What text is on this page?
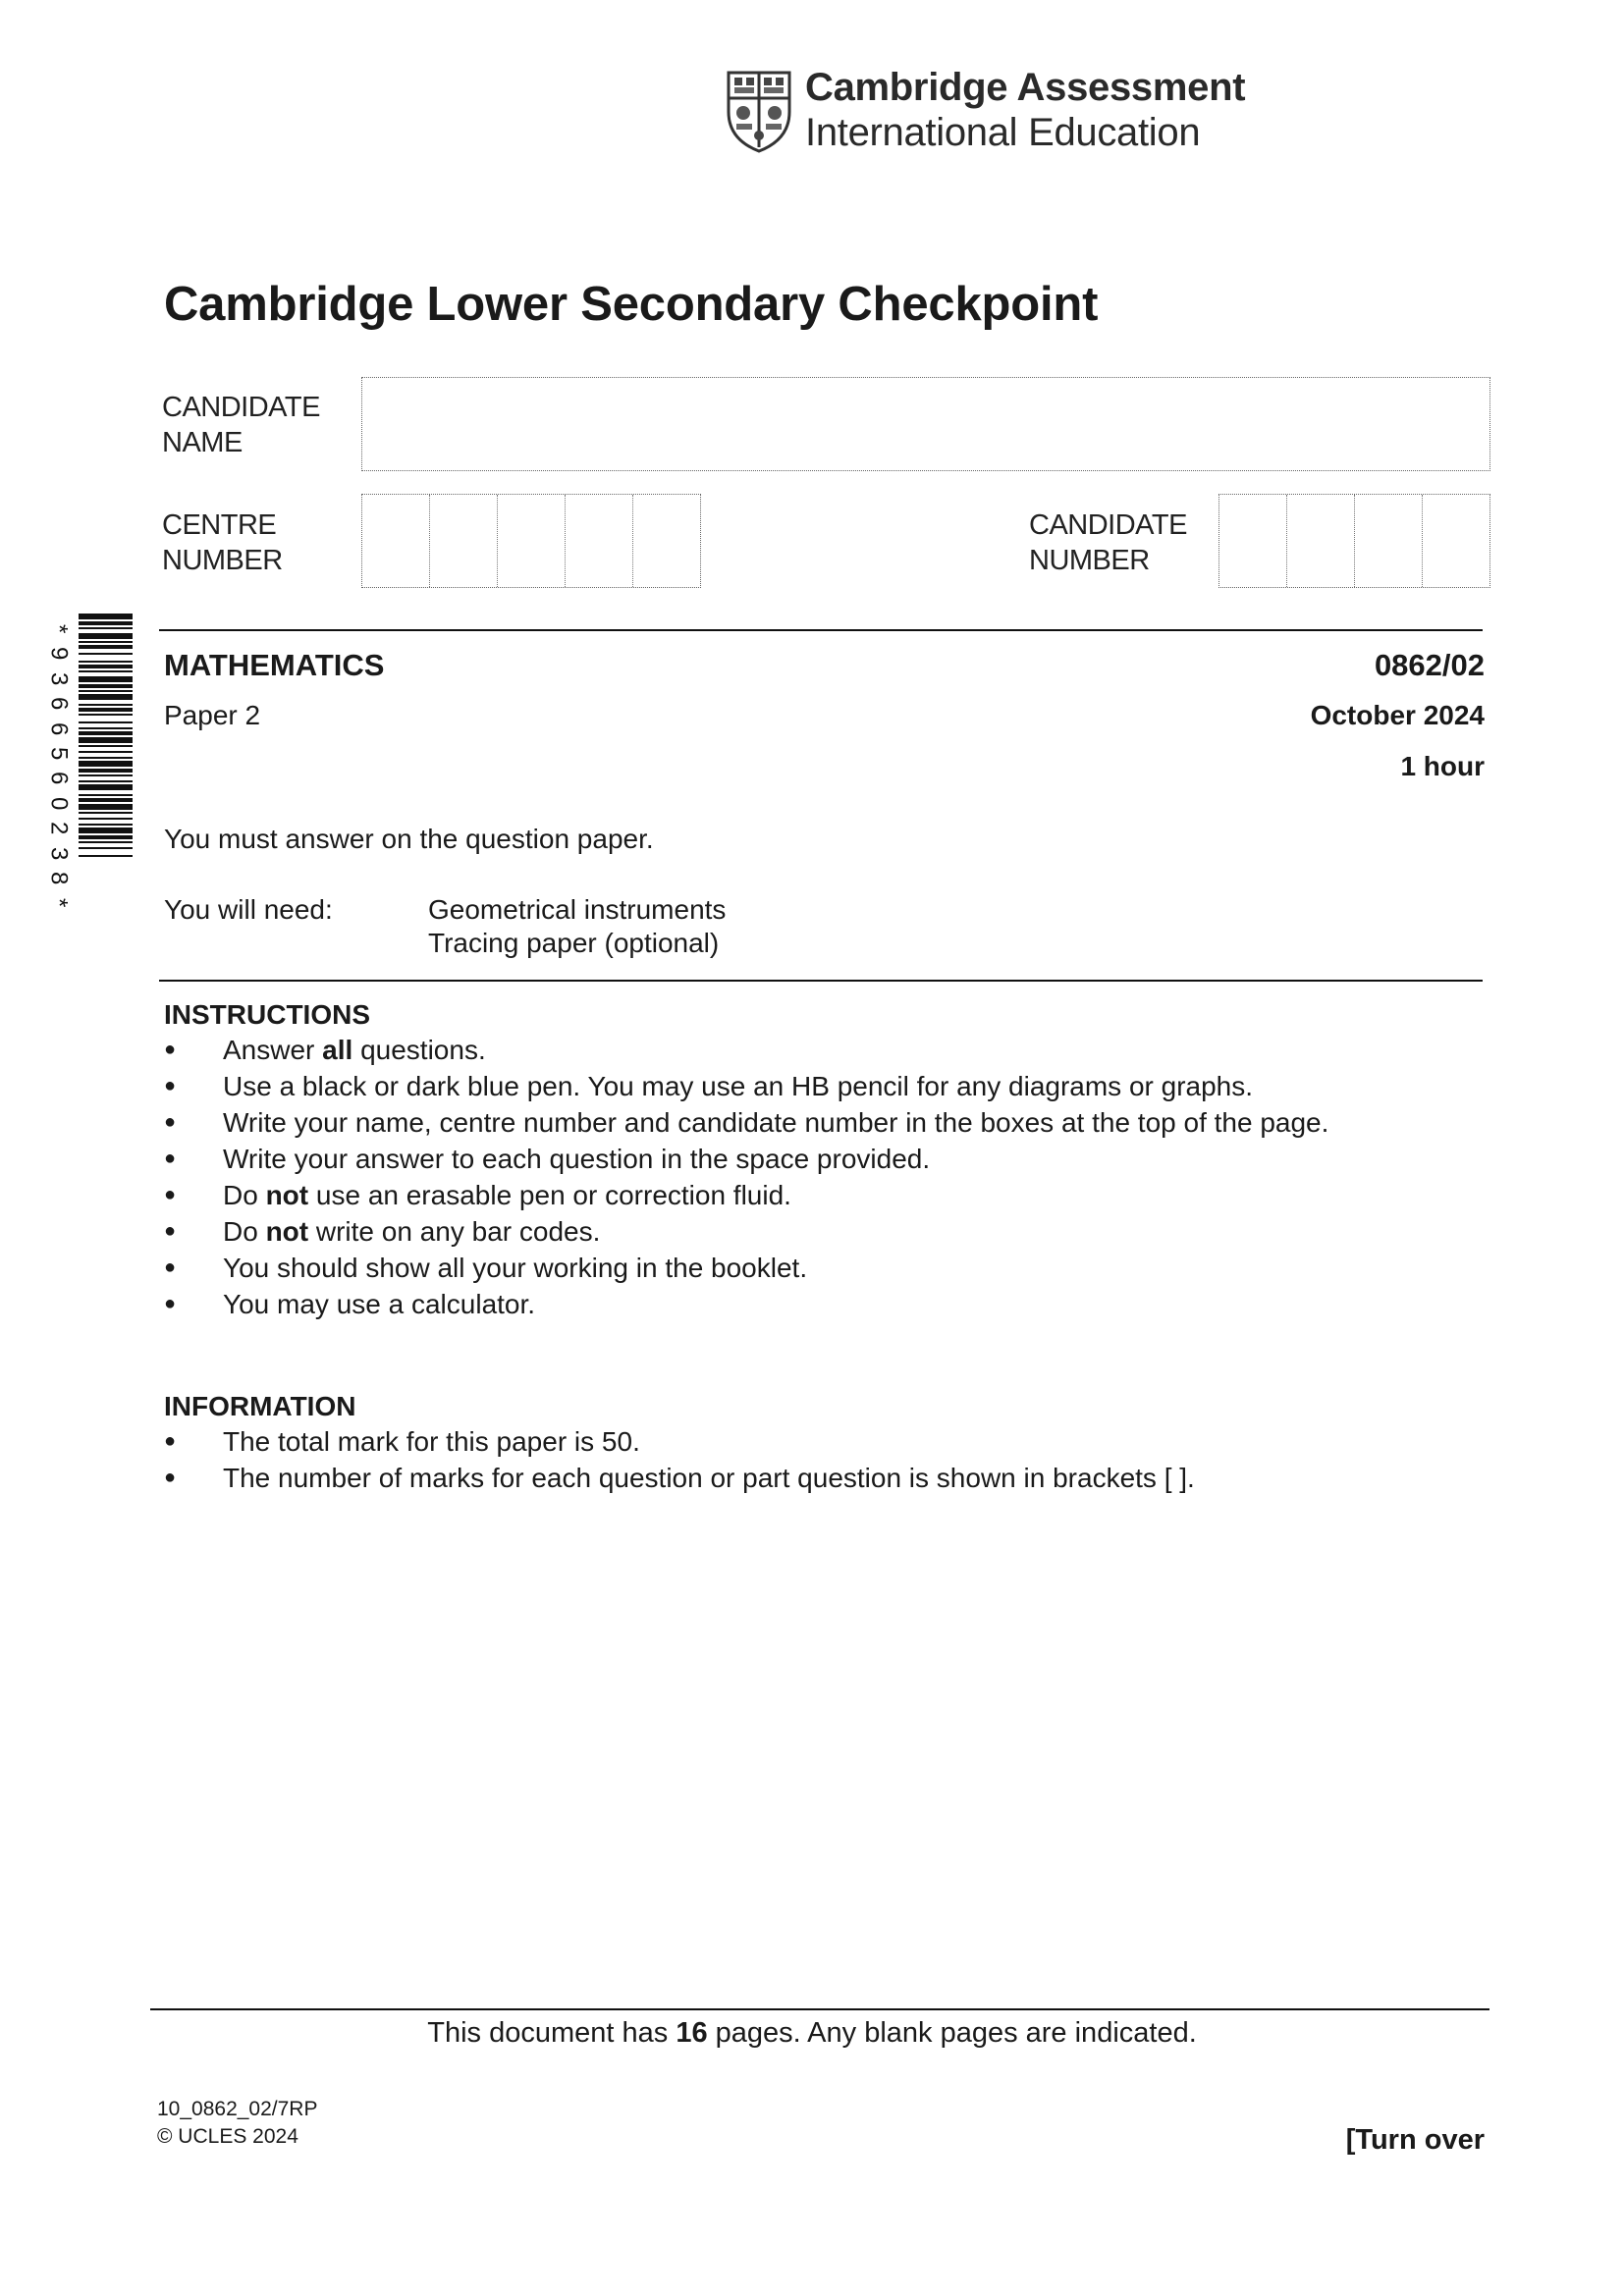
Cambridge Assessment
International Education
Cambridge Lower Secondary Checkpoint
CANDIDATE
NAME
CENTRE
NUMBER
CANDIDATE
NUMBER
*
9
3
6
6
5
6
0
2
3
8
*
MATHEMATICS
Paper 2
0862/02
October 2024
1 hour
You must answer on the question paper.
You will need:	Geometrical instruments
Tracing paper (optional)
INSTRUCTIONS
● Answer all questions.
● Use a black or dark blue pen. You may use an HB pencil for any diagrams or graphs.
● Write your name, centre number and candidate number in the boxes at the top of the page.
● Write your answer to each question in the space provided.
● Do not use an erasable pen or correction fluid.
● Do not write on any bar codes.
● You should show all your working in the booklet.
● You may use a calculator.
INFORMATION
● The total mark for this paper is 50.
● The number of marks for each question or part question is shown in brackets [ ].
This document has 16 pages. Any blank pages are indicated.
10_0862_02/7RP
© UCLES 2024	[Turn over
